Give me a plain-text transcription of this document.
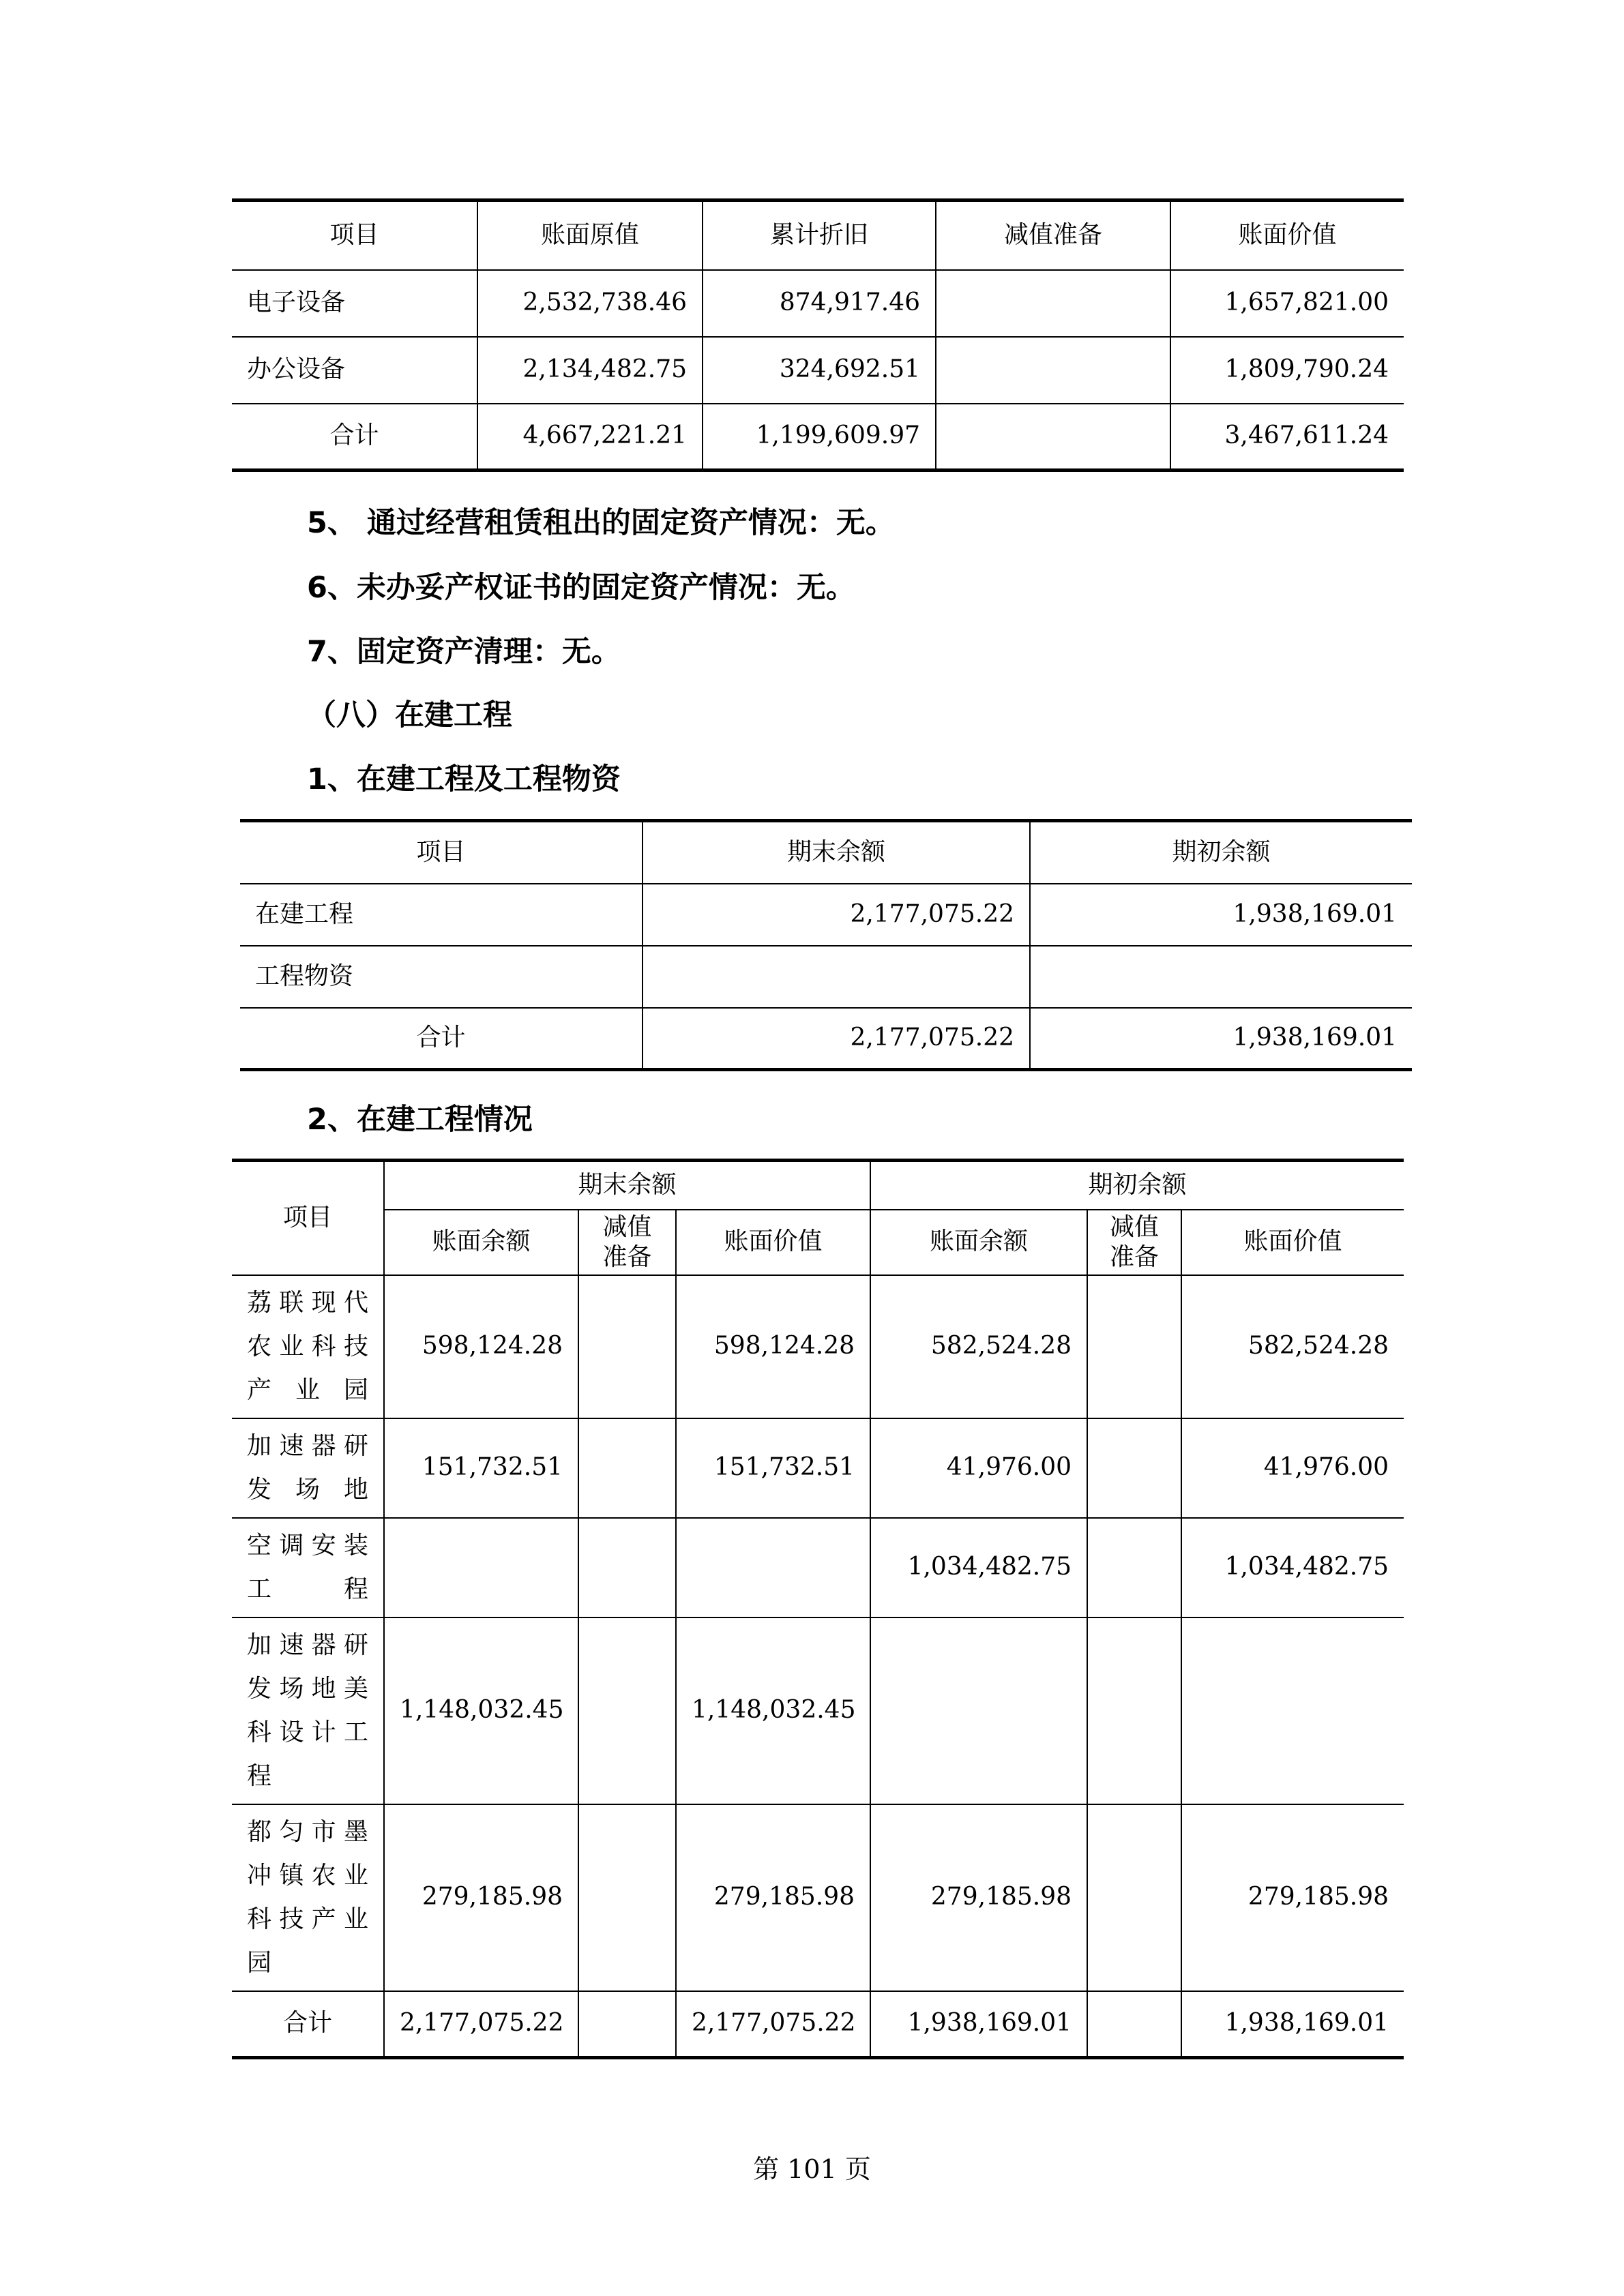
项目	账面原值	累计折旧	减值准备	账面价值
电子设备	2,532,738.46	874,917.46		1,657,821.00
办公设备	2,134,482.75	324,692.51		1,809,790.24
合计	4,667,221.21	1,199,609.97		3,467,611.24
5、 通过经营租赁租出的固定资产情况：无。
6、未办妥产权证书的固定资产情况：无。
7、固定资产清理：无。
（八）在建工程
1、在建工程及工程物资
项目	期末余额	期初余额
在建工程	2,177,075.22	1,938,169.01
工程物资		
合计	2,177,075.22	1,938,169.01
2、在建工程情况
项目	期末余额			期初余额		
	账面余额	减值准备	账面价值	账面余额	减值准备	账面价值
荔联现代农业科技产业园	598,124.28		598,124.28	582,524.28		582,524.28
加速器研发场地	151,732.51		151,732.51	41,976.00		41,976.00
空调安装工程				1,034,482.75		1,034,482.75
加速器研发场地美科设计工程	1,148,032.45		1,148,032.45			
都匀市墨冲镇农业科技产业园	279,185.98		279,185.98	279,185.98		279,185.98
合计	2,177,075.22		2,177,075.22	1,938,169.01		1,938,169.01
第 101 页
